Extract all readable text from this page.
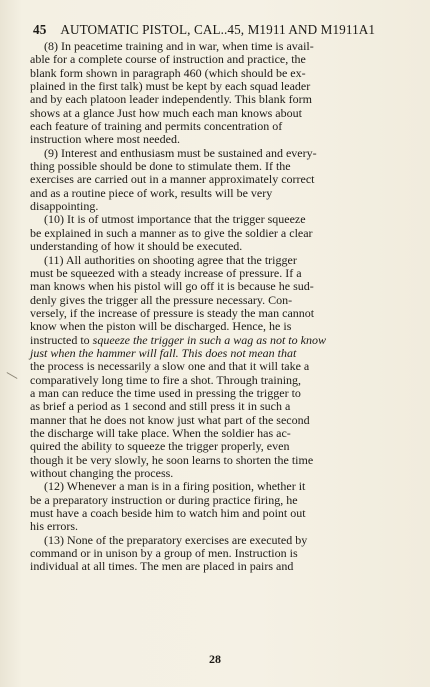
45 AUTOMATIC PISTOL, CAL..45, M1911 AND M1911A1
(8) In peacetime training and in war, when time is avail-
able for a complete course of instruction and practice, the
blank form shown in paragraph 460 (which should be ex-
plained in the first talk) must be kept by each squad leader
and by each platoon leader independently. This blank form
shows at a glance Just how much each man knows about
each feature of training and permits concentration of
instruction where most needed.
(9) Interest and enthusiasm must be sustained and every-
thing possible should be done to stimulate them. If the
exercises are carried out in a manner approximately correct
and as a routine piece of work, results will be very
disappointing.
(10) It is of utmost importance that the trigger squeeze
be explained in such a manner as to give the soldier a clear
understanding of how it should be executed.
(11) All authorities on shooting agree that the trigger
must be squeezed with a steady increase of pressure. If a
man knows when his pistol will go off it is because he sud-
denly gives the trigger all the pressure necessary. Con-
versely, if the increase of pressure is steady the man cannot
know when the piston will be discharged. Hence, he is
instructed to squeeze the trigger in such a wag as not to know
just when the hammer will fall. This does not mean that
the process is necessarily a slow one and that it will take a
comparatively long time to fire a shot. Through training,
a man can reduce the time used in pressing the trigger to
as brief a period as 1 second and still press it in such a
manner that he does not know just what part of the second
the discharge will take place. When the soldier has ac-
quired the ability to squeeze the trigger properly, even
though it be very slowly, he soon learns to shorten the time
without changing the process.
(12) Whenever a man is in a firing position, whether it
be a preparatory instruction or during practice firing, he
must have a coach beside him to watch him and point out
his errors.
(13) None of the preparatory exercises are executed by
command or in unison by a group of men. Instruction is
individual at all times. The men are placed in pairs and
28
